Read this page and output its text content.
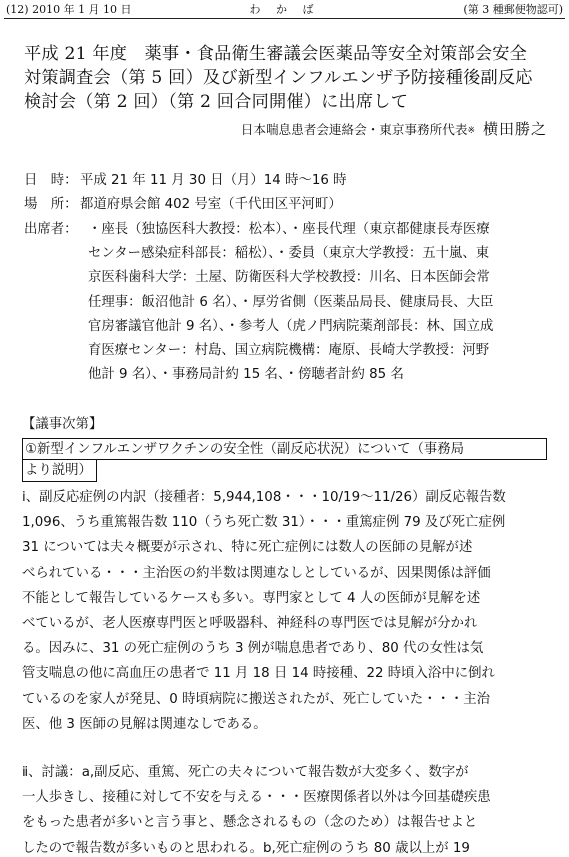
(12) 2010 年 1 月 10 日	わ か ば	(第 3 種郵便物認可)
平成 21 年度　薬事・食品衛生審議会医薬品等安全対策部会安全
対策調査会（第 5 回）及び新型インフルエンザ予防接種後副反応
検討会（第 2 回）（第 2 回合同開催）に出席して
日本喘息患者会連絡会・東京事務所代表※ 横田勝之
日　時： 平成 21 年 11 月 30 日（月）14 時～16 時
場　所： 都道府県会館 402 号室（千代田区平河町）
出席者： ・座長（独協医科大教授：松本）、・座長代理（東京都健康長寿医療
センター感染症科部長：稲松）、・委員（東京大学教授：五十嵐、東
京医科歯科大学：土屋、防衛医科大学校教授：川名、日本医師会常
任理事：飯沼他計 6 名）、・厚労省側（医薬品局長、健康局長、大臣
官房審議官他計 9 名）、・参考人（虎ノ門病院薬剤部長：林、国立成
育医療センター：村島、国立病院機構：庵原、長崎大学教授：河野
他計 9 名）、・事務局計約 15 名、・傍聴者計約 85 名
【議事次第】
①新型インフルエンザワクチンの安全性（副反応状況）について（事務局
より説明）
ⅰ、副反応症例の内訳（接種者：5,944,108・・・10/19～11/26）副反応報告数
1,096、うち重篤報告数 110（うち死亡数 31）・・・重篤症例 79 及び死亡症例
31 については夫々概要が示され、特に死亡症例には数人の医師の見解が述
べられている・・・主治医の約半数は関連なしとしているが、因果関係は評価
不能として報告しているケースも多い。専門家として 4 人の医師が見解を述
べているが、老人医療専門医と呼吸器科、神経科の専門医では見解が分かれ
る。因みに、31 の死亡症例のうち 3 例が喘息患者であり、80 代の女性は気
管支喘息の他に高血圧の患者で 11 月 18 日 14 時接種、22 時頃入浴中に倒れ
ているのを家人が発見、0 時頃病院に搬送されたが、死亡していた・・・主治
医、他 3 医師の見解は関連なしである。
ⅱ、討議：a,副反応、重篤、死亡の夫々について報告数が大変多く、数字が
一人歩きし、接種に対して不安を与える・・・医療関係者以外は今回基礎疾患
をもった患者が多いと言う事と、懸念されるもの（念のため）は報告せよと
したので報告数が多いものと思われる。b,死亡症例のうち 80 歳以上が 19
